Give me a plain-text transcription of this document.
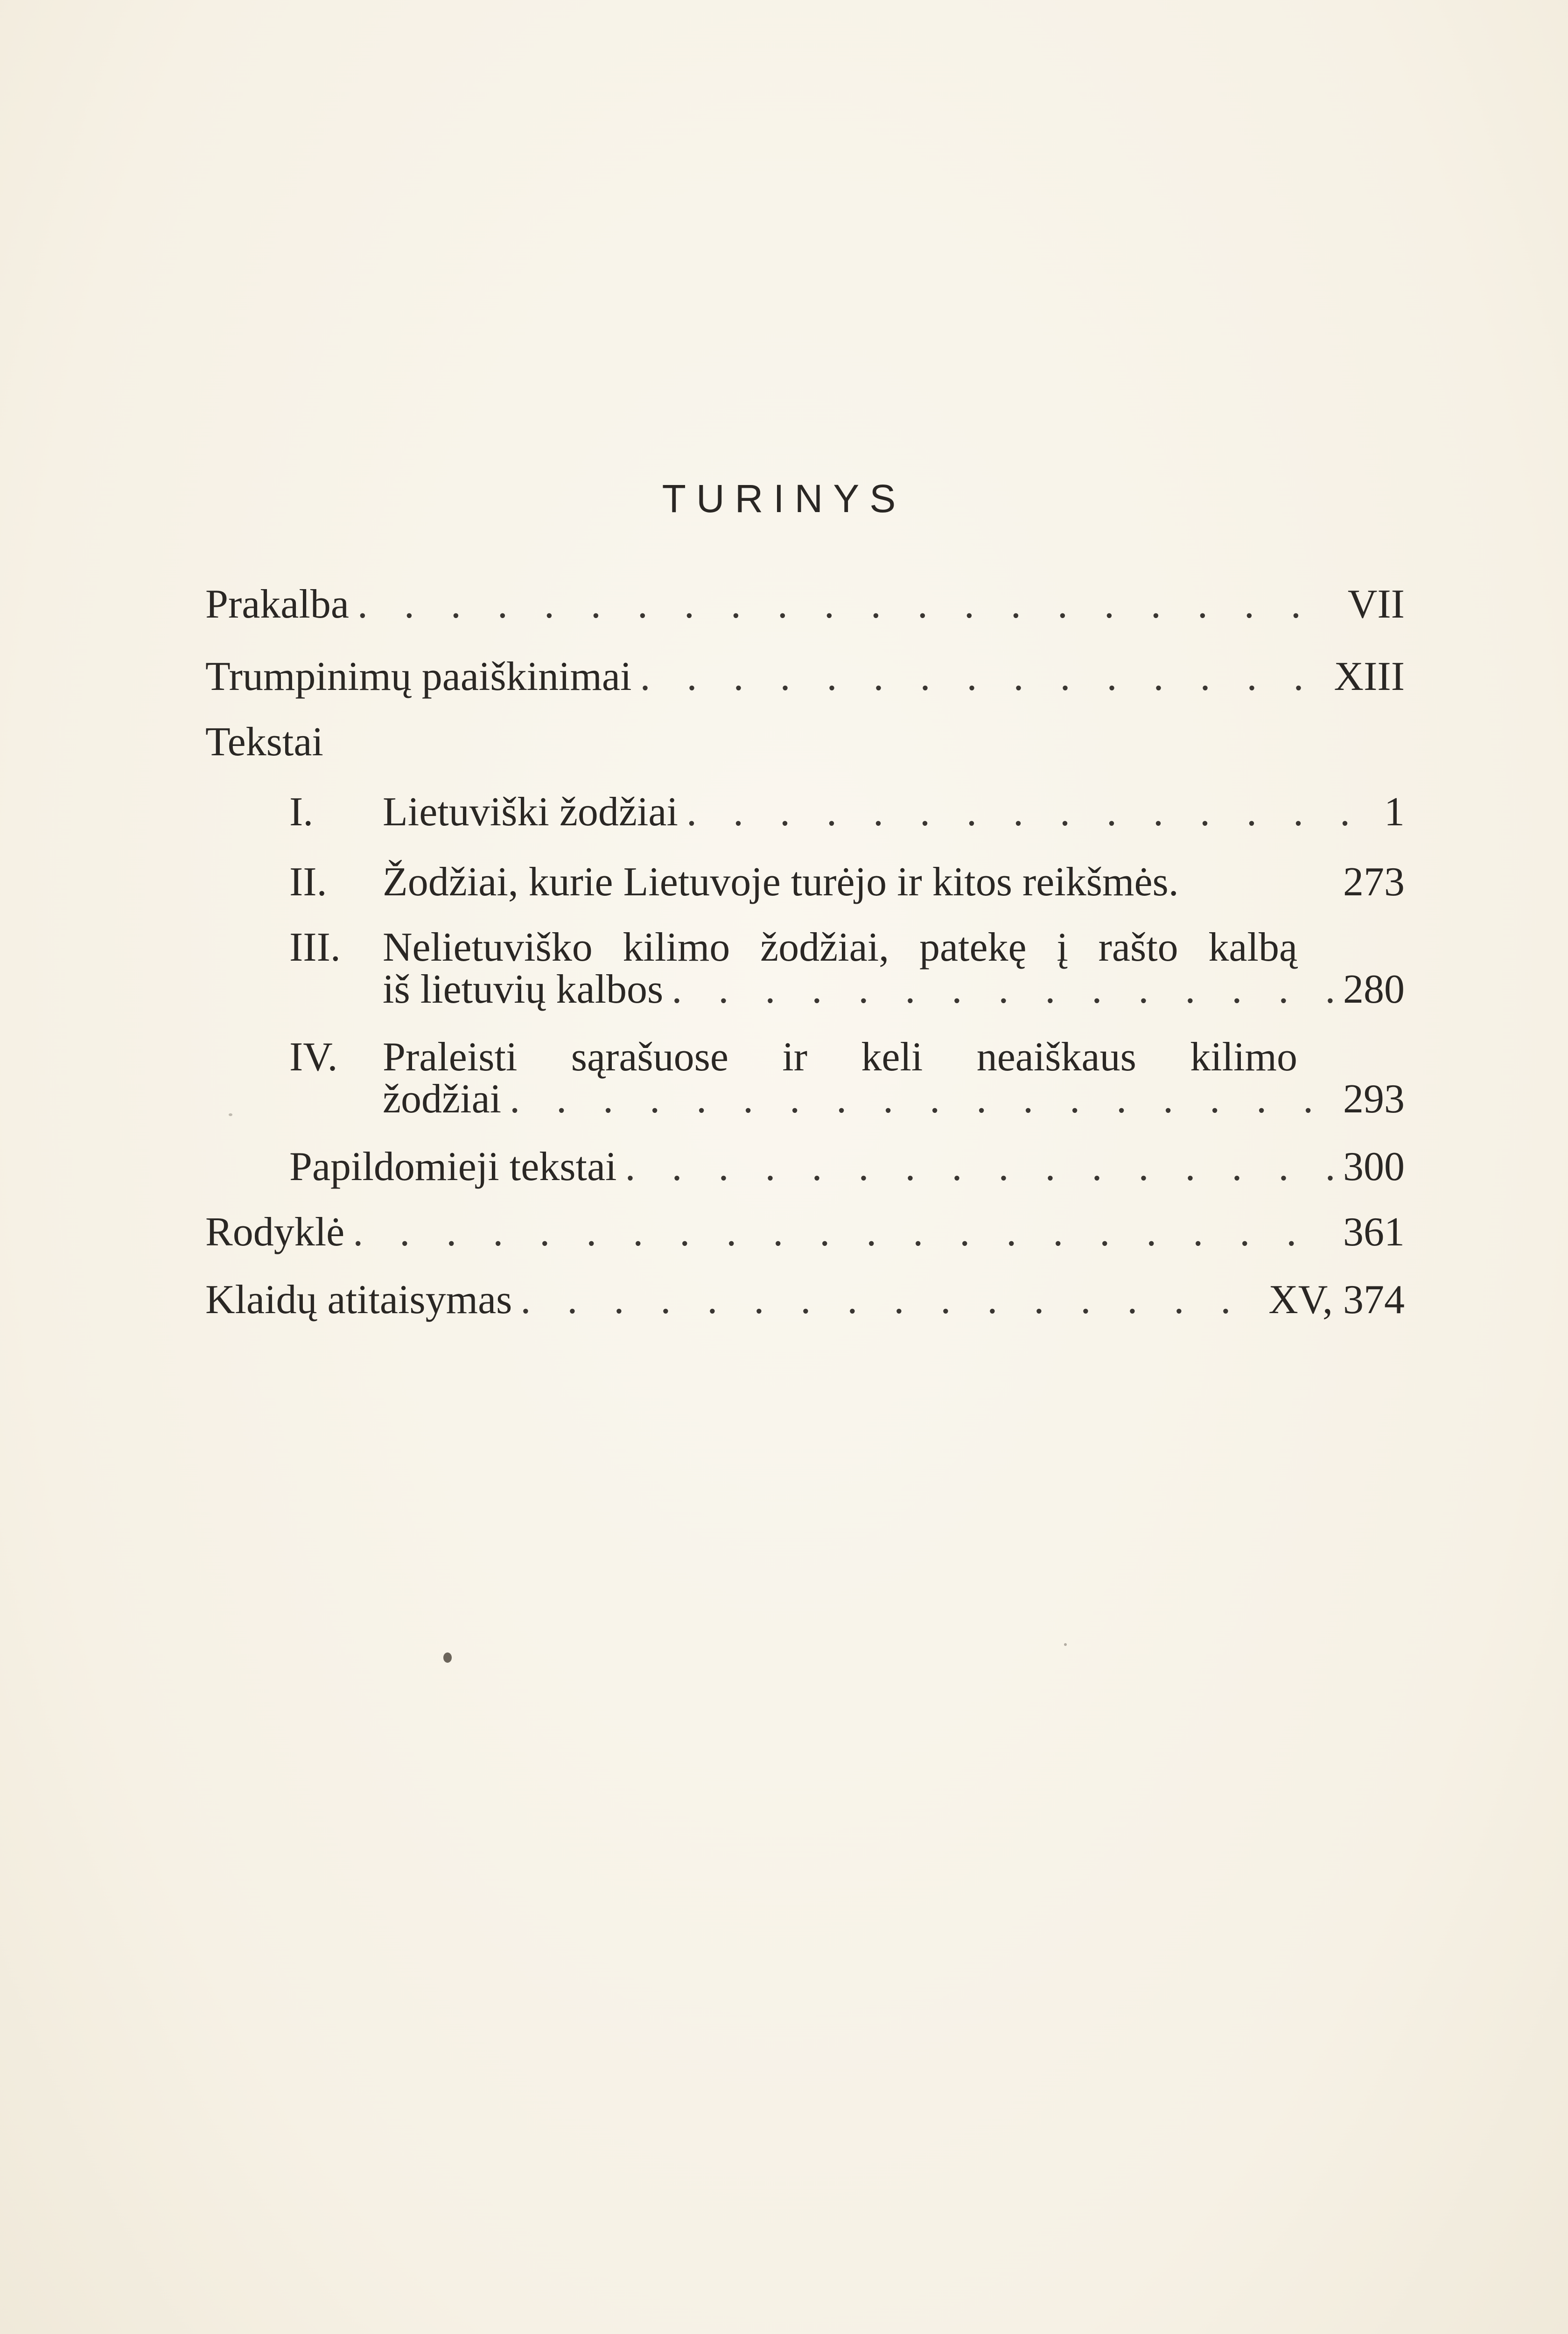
TURINYS
Prakalba . . .	VII
Trumpinimų paaiškinimai . . .	XIII
Tekstai
I.	Lietuviški žodžiai . . .	1
II.	Žodžiai, kurie Lietuvoje turėjo ir kitos reikšmės.	273
III. Nelietuviško kilimo žodžiai, patekę į rašto kalbą
iš lietuvių kalbos . . .	280
IV. Praleisti sąrašuose ir keli neaiškaus kilimo
žodžiai . . .	293
Papildomieji tekstai . . .	300
Rodyklė . . .	361
Klaidų atitaisymas . . .	XV, 374
